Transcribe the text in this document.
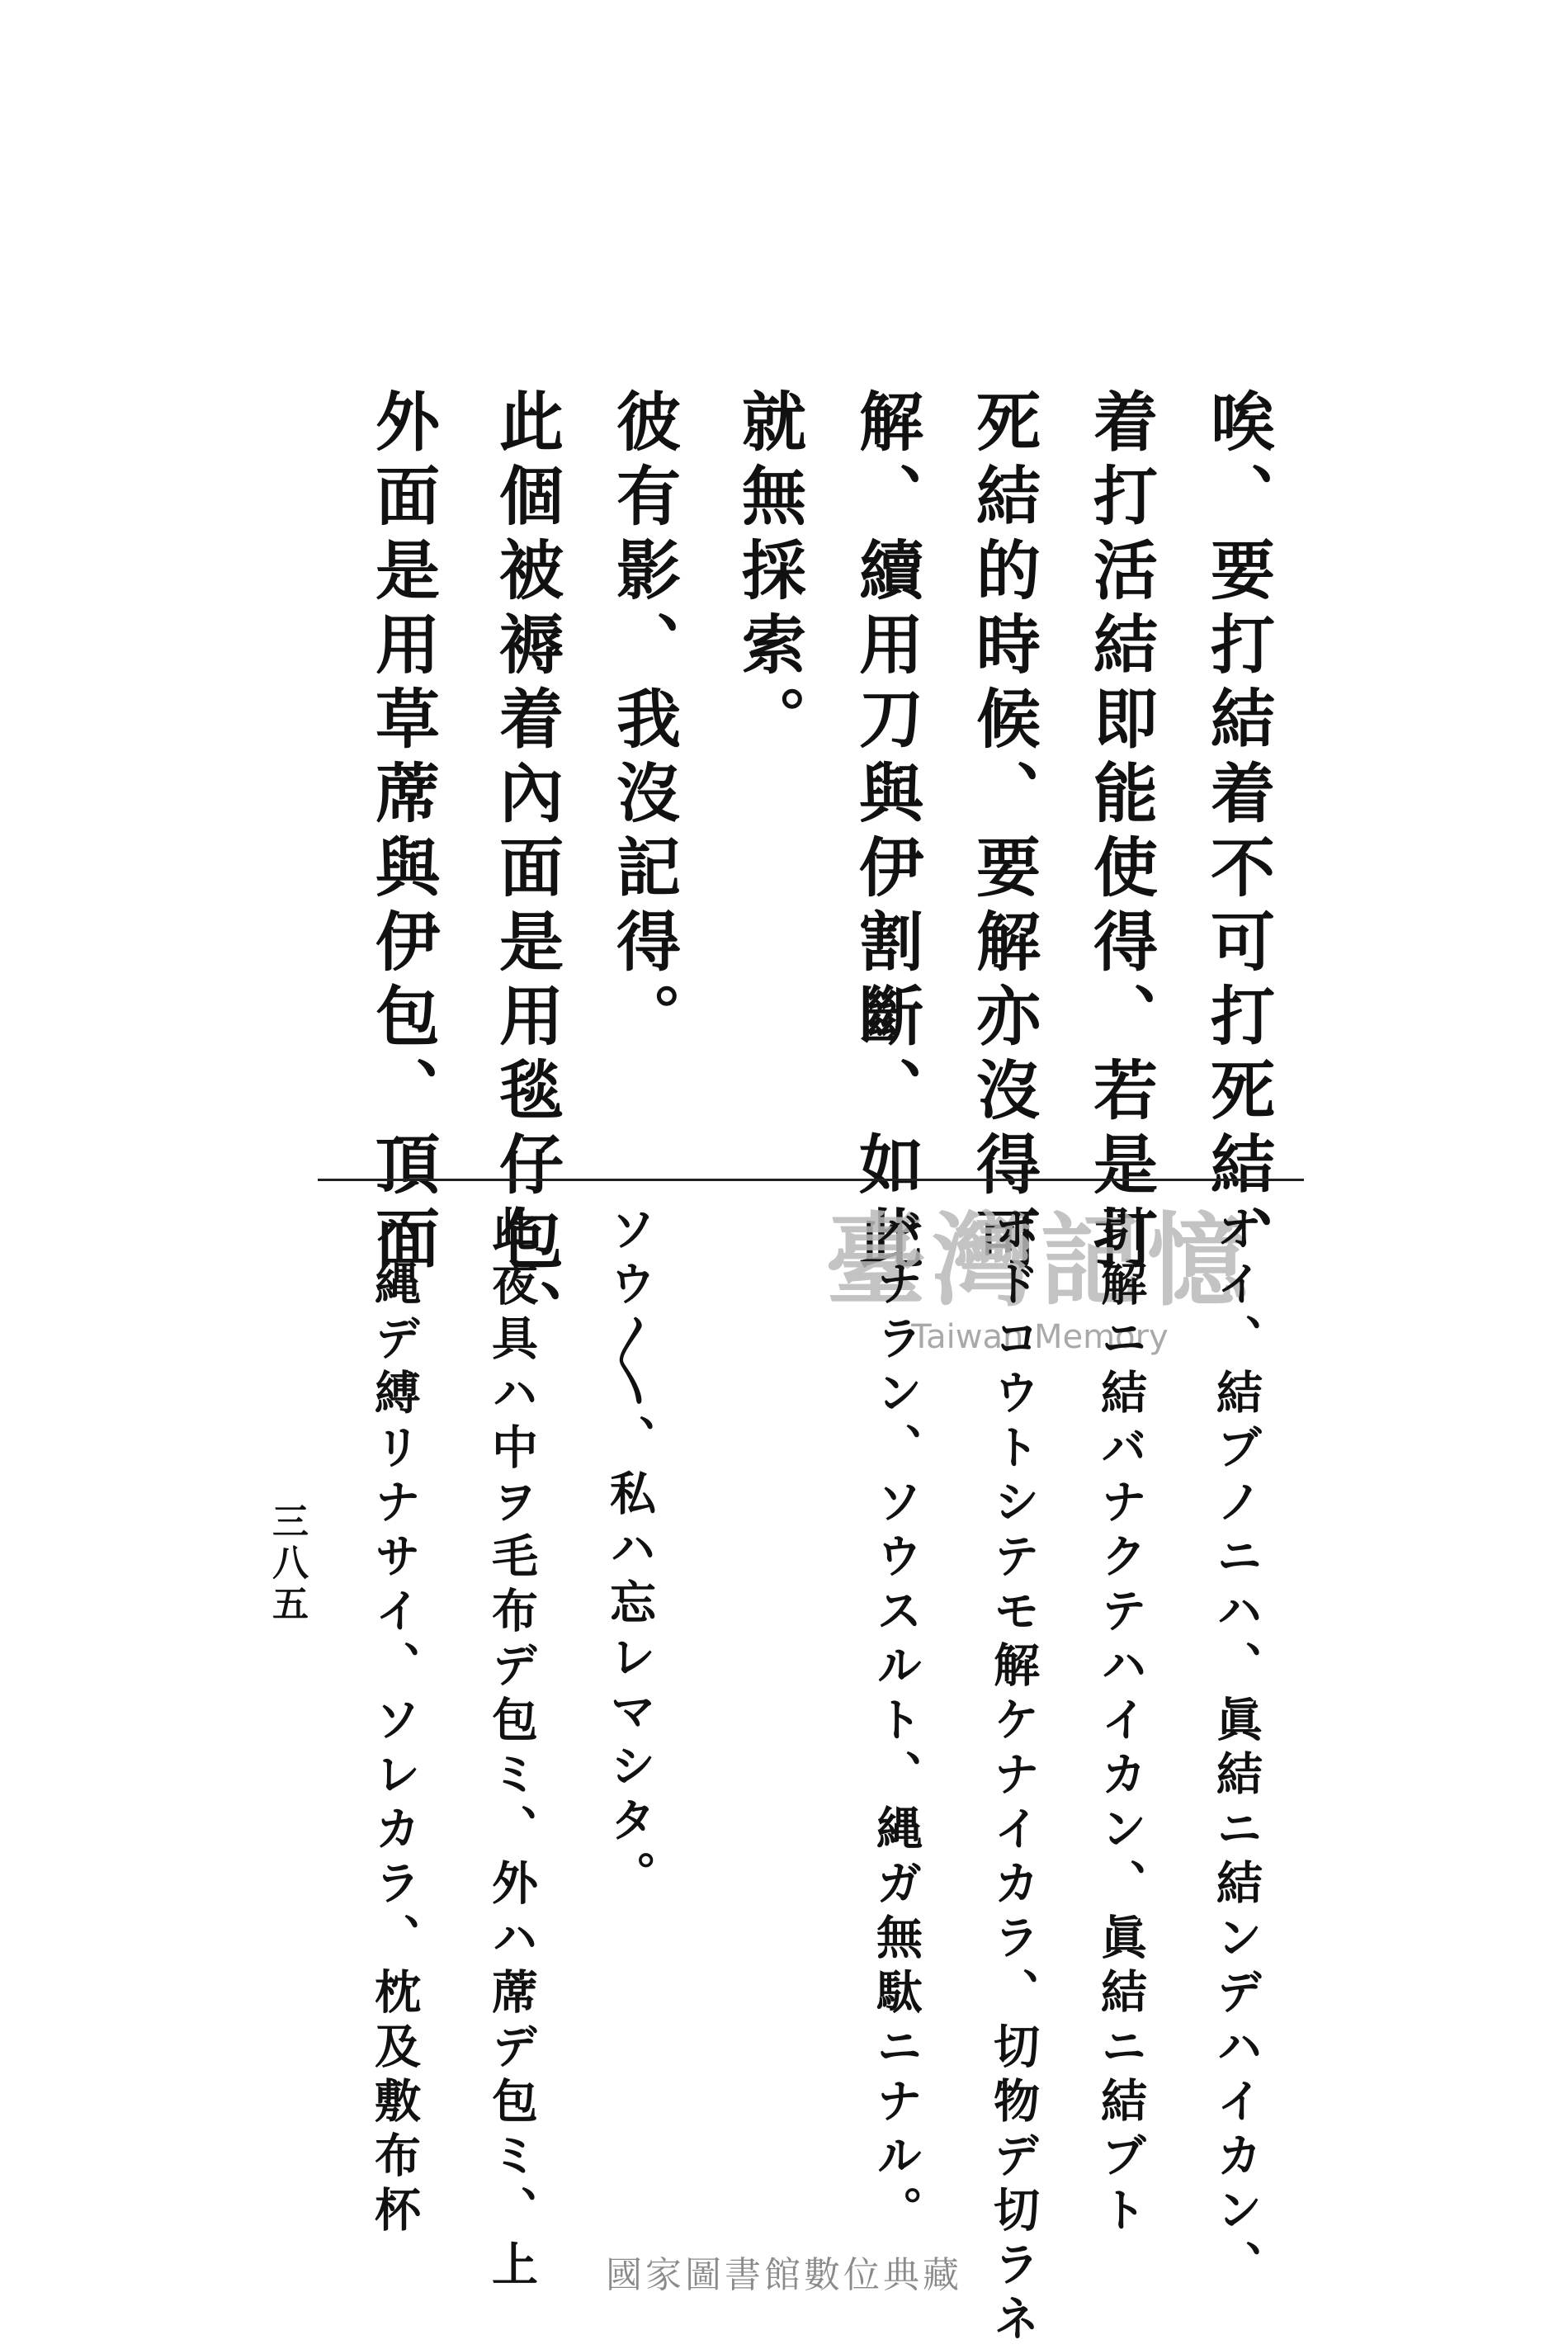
唉、要打結着不可打死結、
着打活結即能使得、若是打
死結的時候、要解亦沒得可
解、續用刀與伊割斷、如此
就無採索。
彼有影、我沒記得。
此個被褥着內面是用毯仔包、
外面是用草蓆與伊包、頂面	臺灣記憶
Taiwan Memory オイ、結ブノニハ、眞結ニ結ンデハイカン、
引解ニ結バナクテハイカン、眞結ニ結ブト
ホドコウトシテモ解ケナイカラ、切物デ切ラネ
バナラン、ソウスルト、縄ガ無駄ニナル。
ソウ〳〵、私ハ忘レマシタ。
此夜具ハ中ヲ毛布デ包ミ、外ハ蓆デ包ミ、上
ハ縄デ縛リナサイ、ソレカラ、枕及敷布杯
三八五
國家圖書館數位典藏
